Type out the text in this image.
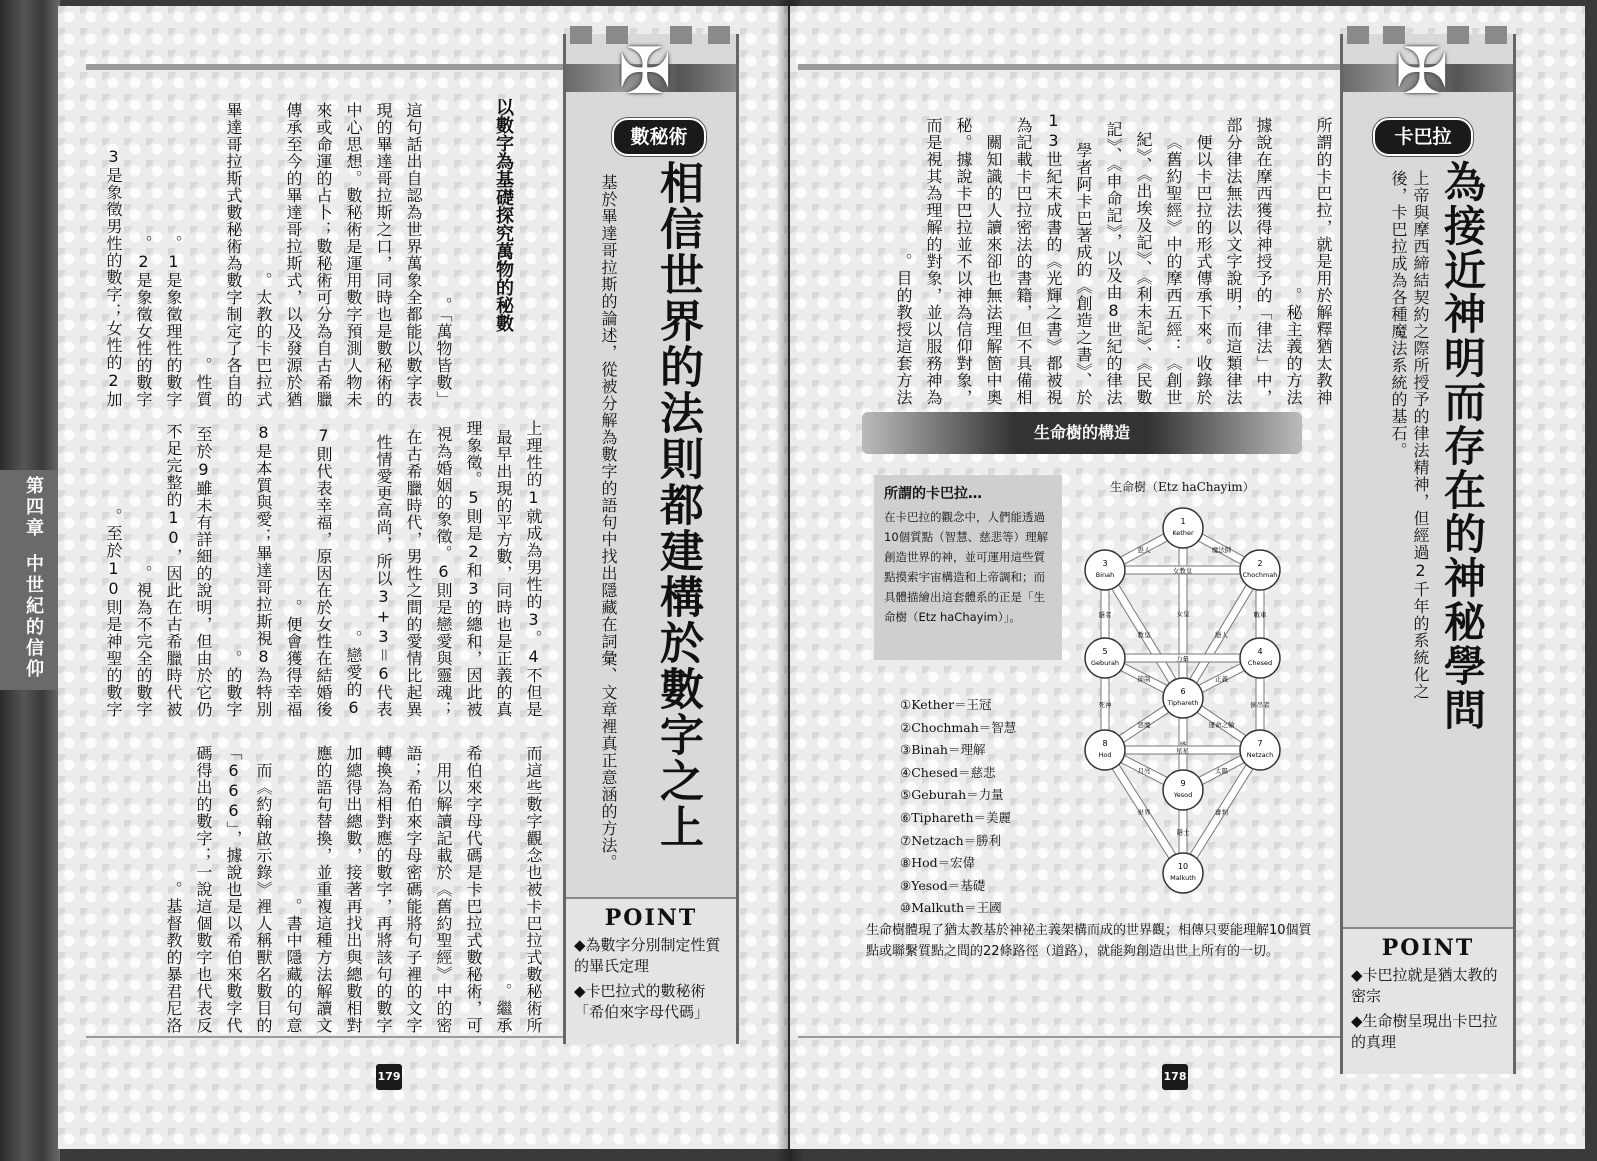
第四章
中世紀的信仰
✠
數秘術
相信世界的法則都建構於數字之上
基於畢達哥拉斯的論述，從被分解為數字的語句中找出隱藏在詞彙、文章裡真正意涵的方法。
POINT
◆為數字分別制定性質的畢氏定理
◆卡巴拉式的數秘術「希伯來字母代碼」
以數字為基礎探究萬物的秘數

「萬物皆數」。

這句話出自認為世界萬象全都能以數字表現的畢達哥拉斯之口，同時也是數秘術的中心思想。數秘術是運用數字預測人物未來或命運的占卜；數秘術可分為自古希臘傳承至今的畢達哥拉斯式，以及發源於猶太教的卡巴拉式。

畢達哥拉斯式數秘術為數字制定了各自的性質。

1是象徵理性的數字。

2是象徵女性的數字。

3是象徵男性的數字；女性的2加

上理性的1就成為男性的3。4不但是最早出現的平方數，同時也是正義的真理象徵。5則是2和3的總和，因此被視為婚姻的象徵。6則是戀愛與靈魂；在古希臘時代，男性之間的愛情比起異性情愛更高尚，所以3+3＝6代表戀愛的6。

7則代表幸福，原因在於女性在結婚後便會獲得幸福。

8是本質與愛；畢達哥拉斯視8為特別的數字。

至於9雖未有詳細的說明，但由於它仍不足完整的10，因此在古希臘時代被視為不完全的數字。

至於10則是神聖的數字。

而這些數字觀念也被卡巴拉式數秘術所繼承。

希伯來字母代碼是卡巴拉式數秘術，可用以解讀記載於《舊約聖經》中的密語；希伯來字母密碼能將句子裡的文字轉換為相對應的數字，再將該句的數字加總得出總數，接著再找出與總數相對應的語句替換，並重複這種方法解讀文書中隱藏的句意。

而《約翰啟示錄》裡人稱獸名數目的「666」，據說也是以希伯來數字代碼得出的數字；一說這個數字也代表反基督教的暴君尼洛。

179
✠
卡巴拉
為接近神明而存在的神秘學問
上帝與摩西締結契約之際所授予的律法精神，但經過2千年的系統化之後，卡巴拉成為各種魔法系統的基石。
POINT
◆卡巴拉就是猶太教的密宗
◆生命樹呈現出卡巴拉的真理

所謂的卡巴拉，就是用於解釋猶太教神秘主義的方法。

據說在摩西獲得神授予的「律法」中，部分律法無法以文字說明，而這類律法便以卡巴拉的形式傳承下來。收錄於《舊約聖經》中的摩西五經：《創世紀》、《出埃及記》、《利未記》、《民數記》、《申命記》，以及由8世紀的律法學者阿卡巴著成的《創造之書》、於13世紀末成書的《光輝之書》都被視為記載卡巴拉密法的書籍，但不具備相關知識的人讀來卻也無法理解箇中奧秘。據說卡巴拉並不以神為信仰對象，而是視其為理解的對象，並以服務神為目的教授這套方法。

178
生命樹的構造
所謂的卡巴拉…
在卡巴拉的觀念中，人們能透過10個質點（智慧、慈悲等）理解創造世界的神，並可運用這些質點摸索宇宙構造和上帝調和；而具體描繪出這套體系的正是「生命樹（Etz haChayim）」。
①Kether＝王冠
②Chochmah＝智慧
③Binah＝理解
④Chesed＝慈悲
⑤Geburah＝力量
⑥Tiphareth＝美麗
⑦Netzach＝勝利
⑧Hod＝宏偉
⑨Yesod＝基礎
⑩Malkuth＝王國
生命樹體現了猶太教基於神祕主義架構而成的世界觀；相傳只要能理解10個質點或聯繫質點之間的22條路徑（道路），就能夠創造出世上所有的一切。
生命樹（Etz haChayim）
魔法師
愚人
女皇
女教皇
戰車
戀人
隱者
教皇
力量
正義
倒吊者
節制
死神
運命之輪
惡魔
塔
星星
太陽
審判
月亮
世界
隱士
1
Kether
2
Chochmah
3
Binah
4
Chesed
5
Geburah
6
Tiphareth
7
Netzach
8
Hod
9
Yesod
10
Malkuth
